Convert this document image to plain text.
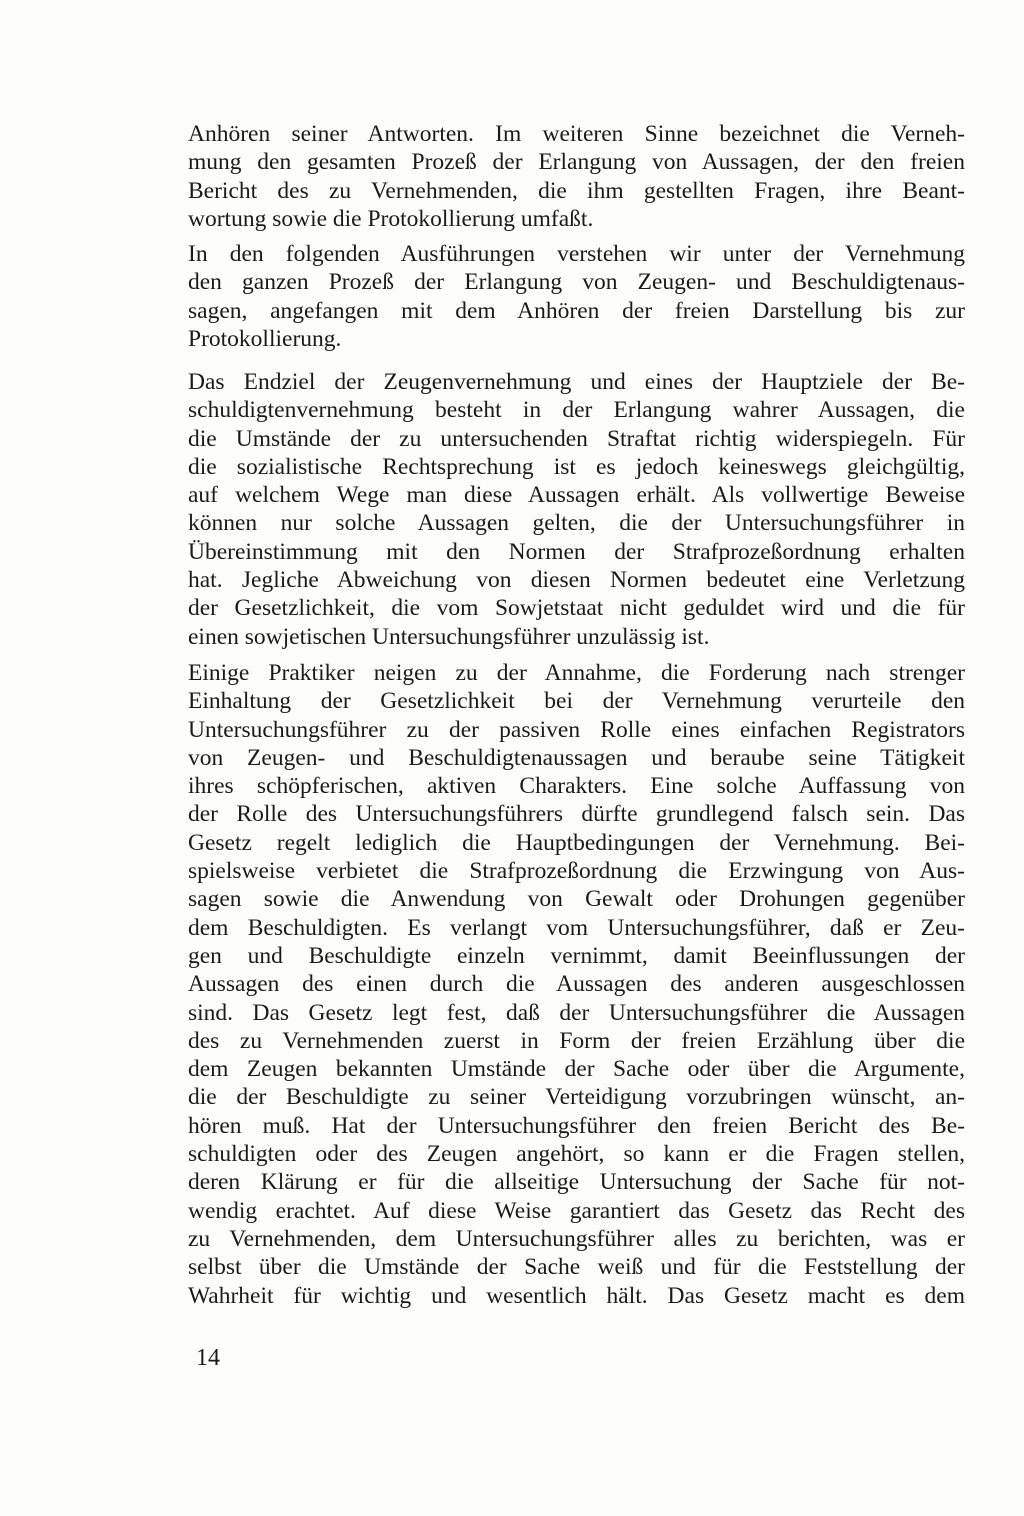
Anhören seiner Antworten. Im weiteren Sinne bezeichnet die Verneh-
mung den gesamten Prozeß der Erlangung von Aussagen, der den freien
Bericht des zu Vernehmenden, die ihm gestellten Fragen, ihre Beant-
wortung sowie die Protokollierung umfaßt.
In den folgenden Ausführungen verstehen wir unter der Vernehmung
den ganzen Prozeß der Erlangung von Zeugen- und Beschuldigtenaus-
sagen, angefangen mit dem Anhören der freien Darstellung bis zur
Protokollierung.
Das Endziel der Zeugenvernehmung und eines der Hauptziele der Be-
schuldigtenvernehmung besteht in der Erlangung wahrer Aussagen, die
die Umstände der zu untersuchenden Straftat richtig widerspiegeln. Für
die sozialistische Rechtsprechung ist es jedoch keineswegs gleichgültig,
auf welchem Wege man diese Aussagen erhält. Als vollwertige Beweise
können nur solche Aussagen gelten, die der Untersuchungsführer in
Übereinstimmung mit den Normen der Strafprozeßordnung erhalten
hat. Jegliche Abweichung von diesen Normen bedeutet eine Verletzung
der Gesetzlichkeit, die vom Sowjetstaat nicht geduldet wird und die für
einen sowjetischen Untersuchungsführer unzulässig ist.
Einige Praktiker neigen zu der Annahme, die Forderung nach strenger
Einhaltung der Gesetzlichkeit bei der Vernehmung verurteile den
Untersuchungsführer zu der passiven Rolle eines einfachen Registrators
von Zeugen- und Beschuldigtenaussagen und beraube seine Tätigkeit
ihres schöpferischen, aktiven Charakters. Eine solche Auffassung von
der Rolle des Untersuchungsführers dürfte grundlegend falsch sein. Das
Gesetz regelt lediglich die Hauptbedingungen der Vernehmung. Bei-
spielsweise verbietet die Strafprozeßordnung die Erzwingung von Aus-
sagen sowie die Anwendung von Gewalt oder Drohungen gegenüber
dem Beschuldigten. Es verlangt vom Untersuchungsführer, daß er Zeu-
gen und Beschuldigte einzeln vernimmt, damit Beeinflussungen der
Aussagen des einen durch die Aussagen des anderen ausgeschlossen
sind. Das Gesetz legt fest, daß der Untersuchungsführer die Aussagen
des zu Vernehmenden zuerst in Form der freien Erzählung über die
dem Zeugen bekannten Umstände der Sache oder über die Argumente,
die der Beschuldigte zu seiner Verteidigung vorzubringen wünscht, an-
hören muß. Hat der Untersuchungsführer den freien Bericht des Be-
schuldigten oder des Zeugen angehört, so kann er die Fragen stellen,
deren Klärung er für die allseitige Untersuchung der Sache für not-
wendig erachtet. Auf diese Weise garantiert das Gesetz das Recht des
zu Vernehmenden, dem Untersuchungsführer alles zu berichten, was er
selbst über die Umstände der Sache weiß und für die Feststellung der
Wahrheit für wichtig und wesentlich hält. Das Gesetz macht es dem
14
